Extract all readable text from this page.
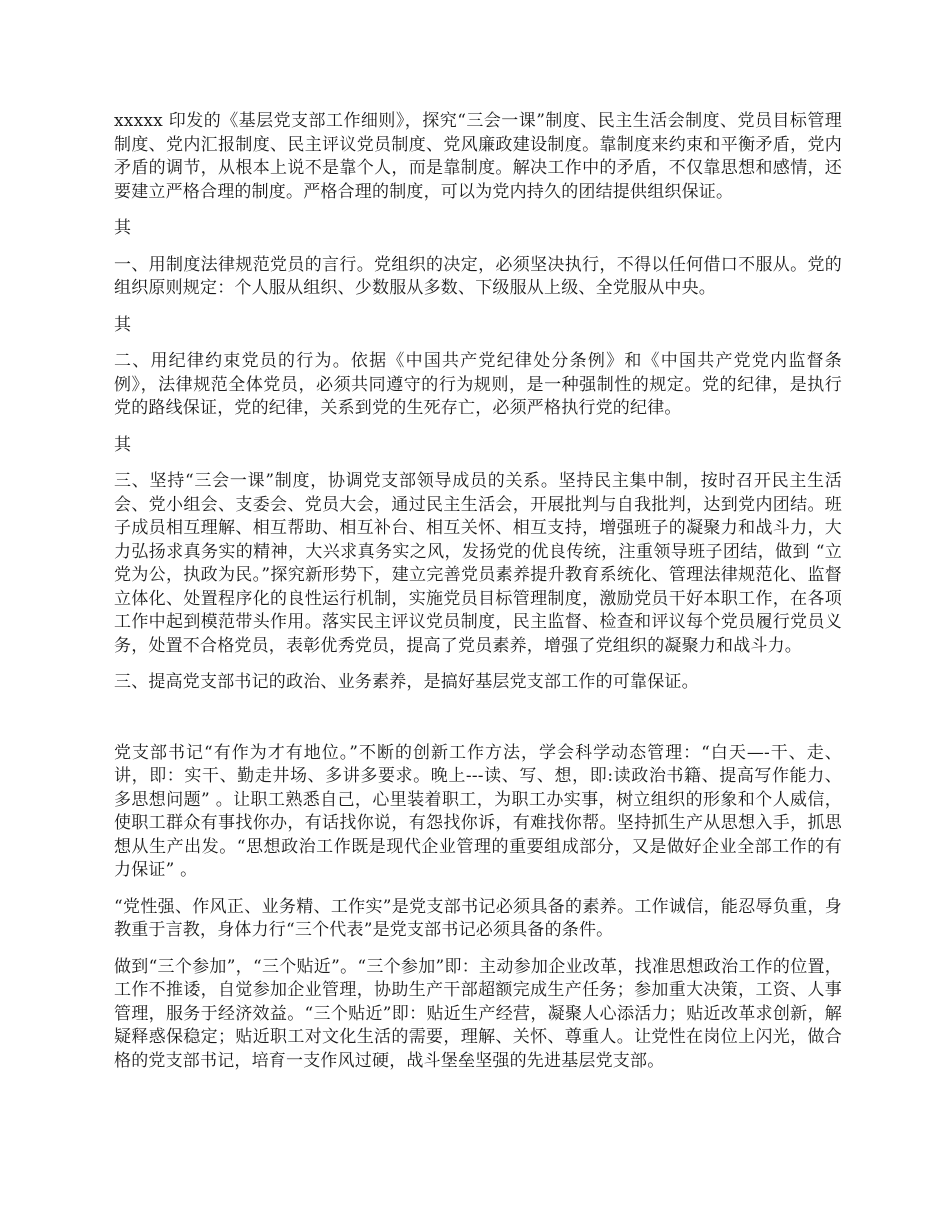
xxxxx 印发的《基层党支部工作细则》，探究“三会一课”制度、民主生活会制度、党员目标管理制度、党内汇报制度、民主评议党员制度、党风廉政建设制度。靠制度来约束和平衡矛盾，党内矛盾的调节，从根本上说不是靠个人，而是靠制度。解决工作中的矛盾，不仅靠思想和感情，还要建立严格合理的制度。严格合理的制度，可以为党内持久的团结提供组织保证。

其

一、用制度法律规范党员的言行。党组织的决定，必须坚决执行，不得以任何借口不服从。党的组织原则规定：个人服从组织、少数服从多数、下级服从上级、全党服从中央。

其

二、用纪律约束党员的行为。依据《中国共产党纪律处分条例》和《中国共产党党内监督条例》，法律规范全体党员，必须共同遵守的行为规则，是一种强制性的规定。党的纪律，是执行党的路线保证，党的纪律，关系到党的生死存亡，必须严格执行党的纪律。

其

三、坚持“三会一课”制度，协调党支部领导成员的关系。坚持民主集中制，按时召开民主生活会、党小组会、支委会、党员大会，通过民主生活会，开展批判与自我批判，达到党内团结。班子成员相互理解、相互帮助、相互补台、相互关怀、相互支持，增强班子的凝聚力和战斗力，大力弘扬求真务实的精神，大兴求真务实之风，发扬党的优良传统，注重领导班子团结，做到 “立党为公，执政为民。”探究新形势下，建立完善党员素养提升教育系统化、管理法律规范化、监督立体化、处置程序化的良性运行机制，实施党员目标管理制度，激励党员干好本职工作，在各项工作中起到模范带头作用。落实民主评议党员制度，民主监督、检查和评议每个党员履行党员义务，处置不合格党员，表彰优秀党员，提高了党员素养，增强了党组织的凝聚力和战斗力。

三、提高党支部书记的政治、业务素养，是搞好基层党支部工作的可靠保证。

党支部书记“有作为才有地位。”不断的创新工作方法，学会科学动态管理：“白天—-干、走、讲，即：实干、勤走井场、多讲多要求。晚上---读、写、想，即:读政治书籍、提高写作能力、多思想问题” 。让职工熟悉自己，心里装着职工，为职工办实事，树立组织的形象和个人威信，使职工群众有事找你办，有话找你说，有怨找你诉，有难找你帮。坚持抓生产从思想入手，抓思想从生产出发。“思想政治工作既是现代企业管理的重要组成部分，又是做好企业全部工作的有力保证” 。

“党性强、作风正、业务精、工作实”是党支部书记必须具备的素养。工作诚信，能忍辱负重，身教重于言教，身体力行“三个代表”是党支部书记必须具备的条件。

做到“三个参加”，“三个贴近”。“三个参加”即：主动参加企业改革，找准思想政治工作的位置，工作不推诿，自觉参加企业管理，协助生产干部超额完成生产任务；参加重大决策，工资、人事管理，服务于经济效益。“三个贴近”即：贴近生产经营，凝聚人心添活力；贴近改革求创新，解疑释惑保稳定；贴近职工对文化生活的需要，理解、关怀、尊重人。让党性在岗位上闪光，做合格的党支部书记，培育一支作风过硬，战斗堡垒坚强的先进基层党支部。
